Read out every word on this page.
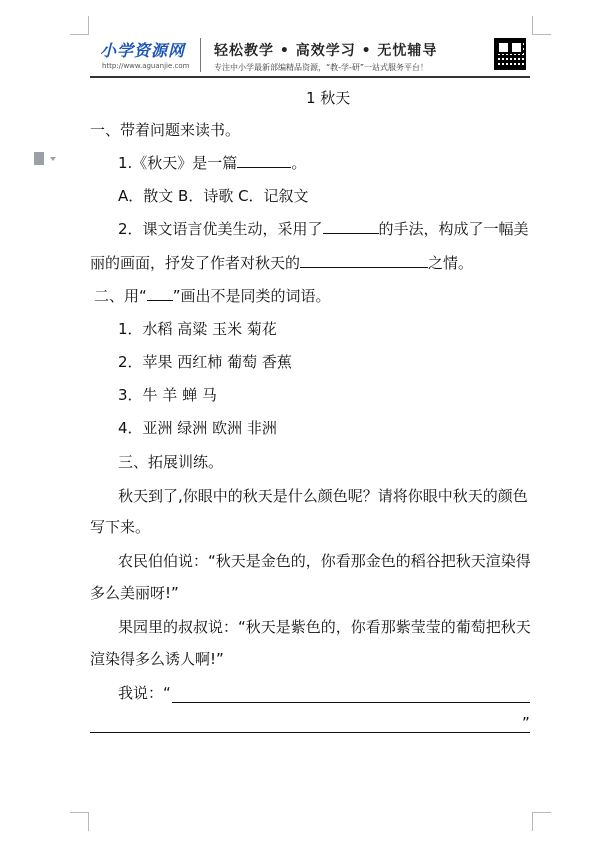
小学资源网
http://www.aguanjie.com
轻松教学 • 高效学习 • 无忧辅导
专注中小学最新部编精品资源，“教-学-研”一站式服务平台！
1 秋天
一、带着问题来读书。
1.《秋天》是一篇	。
A．散文 B．诗歌 C．记叙文
2．课文语言优美生动，采用了	的手法，构成了一幅美
丽的画面，抒发了作者对秋天的	之情。
二、用“ ”画出不是同类的词语。
1．水稻 高粱 玉米 菊花
2．苹果 西红柿 葡萄 香蕉
3．牛 羊 蝉 马
4．亚洲 绿洲 欧洲 非洲
三、拓展训练。
秋天到了,你眼中的秋天是什么颜色呢？请将你眼中秋天的颜色
写下来。
农民伯伯说：“秋天是金色的，你看那金色的稻谷把秋天渲染得
多么美丽呀!”
果园里的叔叔说：“秋天是紫色的，你看那紫莹莹的葡萄把秋天
渲染得多么诱人啊!”
我说：“
”
